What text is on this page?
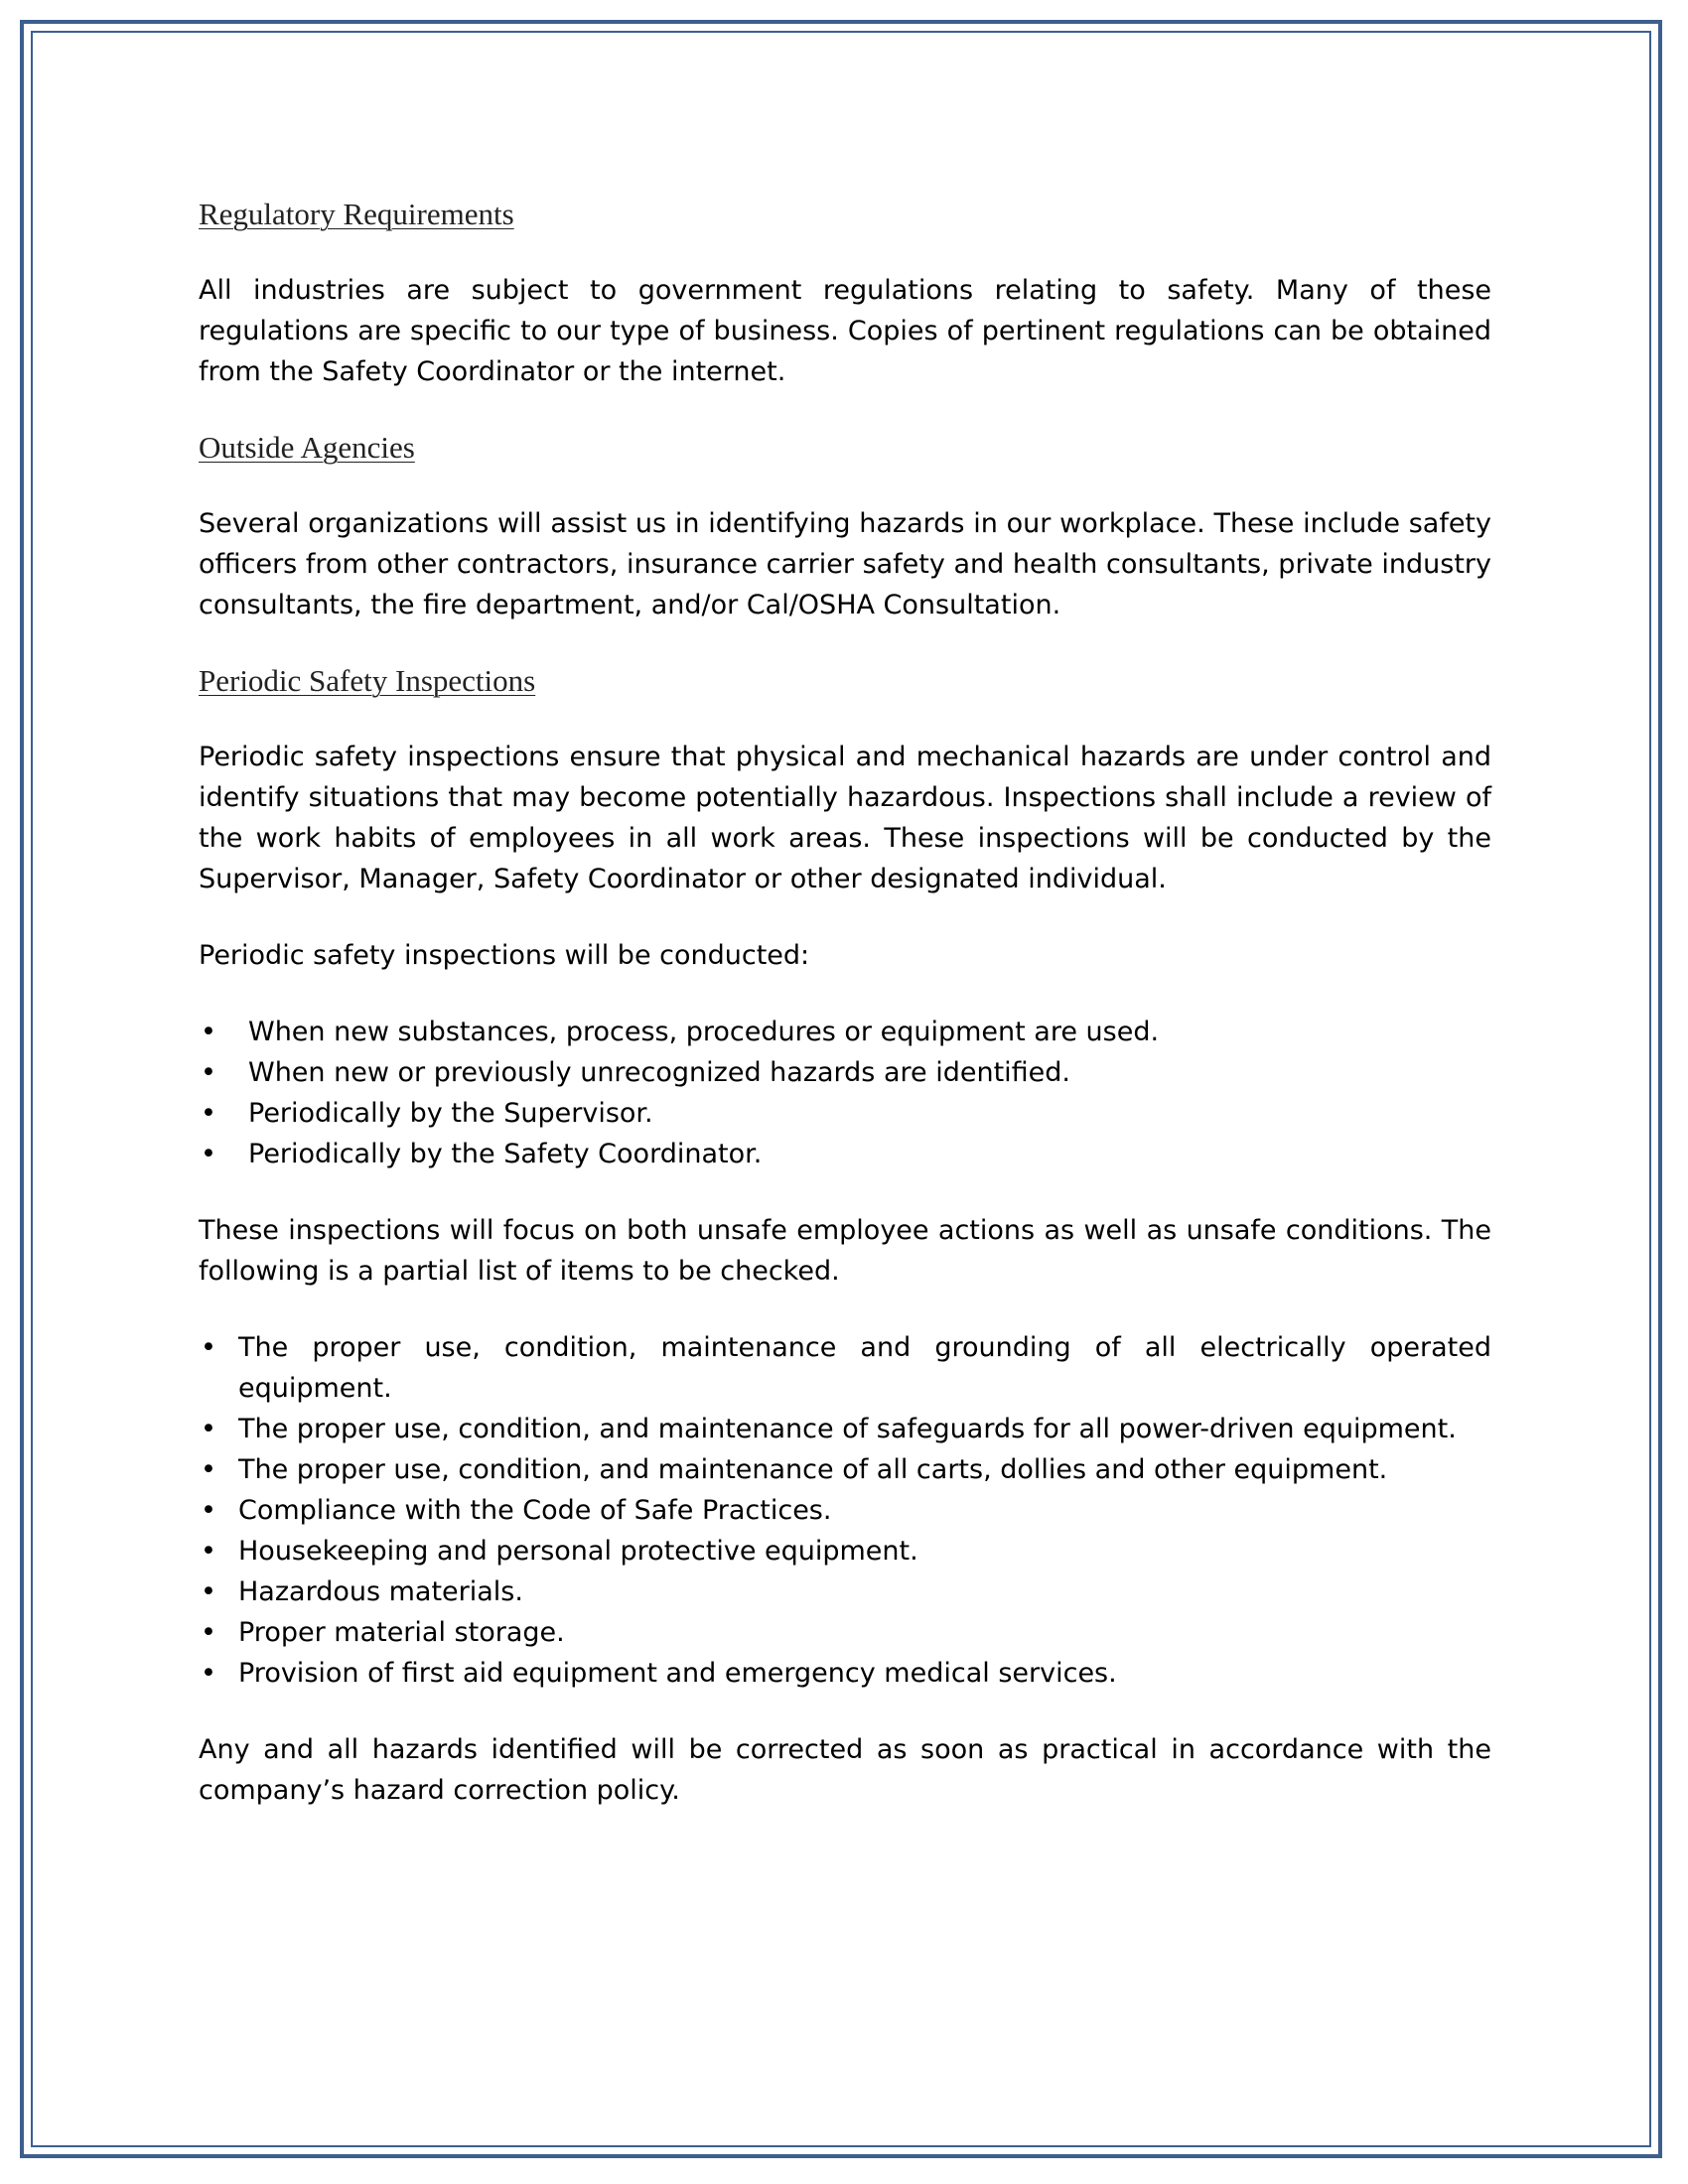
Regulatory Requirements

All industries are subject to government regulations relating to safety. Many of these regulations are specific to our type of business. Copies of pertinent regulations can be obtained from the Safety Coordinator or the internet.

Outside Agencies

Several organizations will assist us in identifying hazards in our workplace. These include safety officers from other contractors, insurance carrier safety and health consultants, private industry consultants, the fire department, and/or Cal/OSHA Consultation.

Periodic Safety Inspections

Periodic safety inspections ensure that physical and mechanical hazards are under control and identify situations that may become potentially hazardous. Inspections shall include a review of the work habits of employees in all work areas. These inspections will be conducted by the Supervisor, Manager, Safety Coordinator or other designated individual.

Periodic safety inspections will be conducted:

• When new substances, process, procedures or equipment are used.
• When new or previously unrecognized hazards are identified.
• Periodically by the Supervisor.
• Periodically by the Safety Coordinator.

These inspections will focus on both unsafe employee actions as well as unsafe conditions. The following is a partial list of items to be checked.

• The proper use, condition, maintenance and grounding of all electrically operated equipment.
• The proper use, condition, and maintenance of safeguards for all power-driven equipment.
• The proper use, condition, and maintenance of all carts, dollies and other equipment.
• Compliance with the Code of Safe Practices.
• Housekeeping and personal protective equipment.
• Hazardous materials.
• Proper material storage.
• Provision of first aid equipment and emergency medical services.

Any and all hazards identified will be corrected as soon as practical in accordance with the company’s hazard correction policy.
